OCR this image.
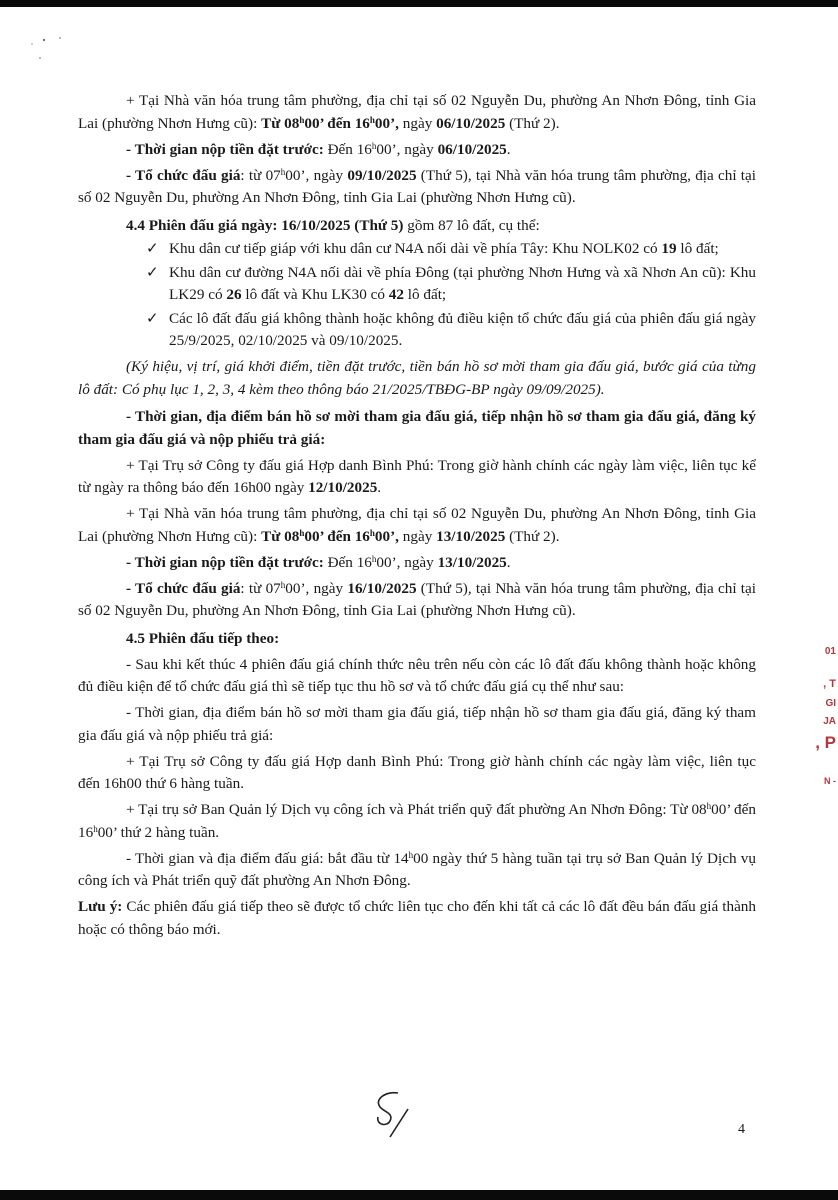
+ Tại Nhà văn hóa trung tâm phường, địa chỉ tại số 02 Nguyễn Du, phường An Nhơn Đông, tỉnh Gia Lai (phường Nhơn Hưng cũ): Từ 08$^h$00’ đến 16$^h$00’, ngày 06/10/2025 (Thứ 2).

- Thời gian nộp tiền đặt trước: Đến 16$^h$00’, ngày 06/10/2025.

- Tổ chức đấu giá: từ 07$^h$00’, ngày 09/10/2025 (Thứ 5), tại Nhà văn hóa trung tâm phường, địa chỉ tại số 02 Nguyễn Du, phường An Nhơn Đông, tỉnh Gia Lai (phường Nhơn Hưng cũ).

4.4 Phiên đấu giá ngày: 16/10/2025 (Thứ 5) gồm 87 lô đất, cụ thể:

✓ Khu dân cư tiếp giáp với khu dân cư N4A nối dài về phía Tây: Khu NOLK02 có 19 lô đất;
✓ Khu dân cư đường N4A nối dài về phía Đông (tại phường Nhơn Hưng và xã Nhơn An cũ): Khu LK29 có 26 lô đất và Khu LK30 có 42 lô đất;
✓ Các lô đất đấu giá không thành hoặc không đủ điều kiện tổ chức đấu giá của phiên đấu giá ngày 25/9/2025, 02/10/2025 và 09/10/2025.

(Ký hiệu, vị trí, giá khởi điểm, tiền đặt trước, tiền bán hồ sơ mời tham gia đấu giá, bước giá của từng lô đất: Có phụ lục 1, 2, 3, 4 kèm theo thông báo 21/2025/TBĐG-BP ngày 09/09/2025).

- Thời gian, địa điểm bán hồ sơ mời tham gia đấu giá, tiếp nhận hồ sơ tham gia đấu giá, đăng ký tham gia đấu giá và nộp phiếu trả giá:

+ Tại Trụ sở Công ty đấu giá Hợp danh Bình Phú: Trong giờ hành chính các ngày làm việc, liên tục kể từ ngày ra thông báo đến 16h00 ngày 12/10/2025.

+ Tại Nhà văn hóa trung tâm phường, địa chỉ tại số 02 Nguyễn Du, phường An Nhơn Đông, tỉnh Gia Lai (phường Nhơn Hưng cũ): Từ 08$^h$00’ đến 16$^h$00’, ngày 13/10/2025 (Thứ 2).

- Thời gian nộp tiền đặt trước: Đến 16$^h$00’, ngày 13/10/2025.

- Tổ chức đấu giá: từ 07$^h$00’, ngày 16/10/2025 (Thứ 5), tại Nhà văn hóa trung tâm phường, địa chỉ tại số 02 Nguyễn Du, phường An Nhơn Đông, tỉnh Gia Lai (phường Nhơn Hưng cũ).

4.5 Phiên đấu tiếp theo:

- Sau khi kết thúc 4 phiên đấu giá chính thức nêu trên nếu còn các lô đất đấu không thành hoặc không đủ điều kiện để tổ chức đấu giá thì sẽ tiếp tục thu hồ sơ và tổ chức đấu giá cụ thể như sau:

- Thời gian, địa điểm bán hồ sơ mời tham gia đấu giá, tiếp nhận hồ sơ tham gia đấu giá, đăng ký tham gia đấu giá và nộp phiếu trả giá:

+ Tại Trụ sở Công ty đấu giá Hợp danh Bình Phú: Trong giờ hành chính các ngày làm việc, liên tục đến 16h00 thứ 6 hàng tuần.

+ Tại trụ sở Ban Quản lý Dịch vụ công ích và Phát triển quỹ đất phường An Nhơn Đông: Từ 08$^h$00’ đến 16$^h$00’ thứ 2 hàng tuần.

- Thời gian và địa điểm đấu giá: bắt đầu từ 14$^h$00 ngày thứ 5 hàng tuần tại trụ sở Ban Quản lý Dịch vụ công ích và Phát triển quỹ đất phường An Nhơn Đông.

Lưu ý: Các phiên đấu giá tiếp theo sẽ được tổ chức liên tục cho đến khi tất cả các lô đất đều bán đấu giá thành hoặc có thông báo mới.

4
01
, T
GI
JA
, P
N -
